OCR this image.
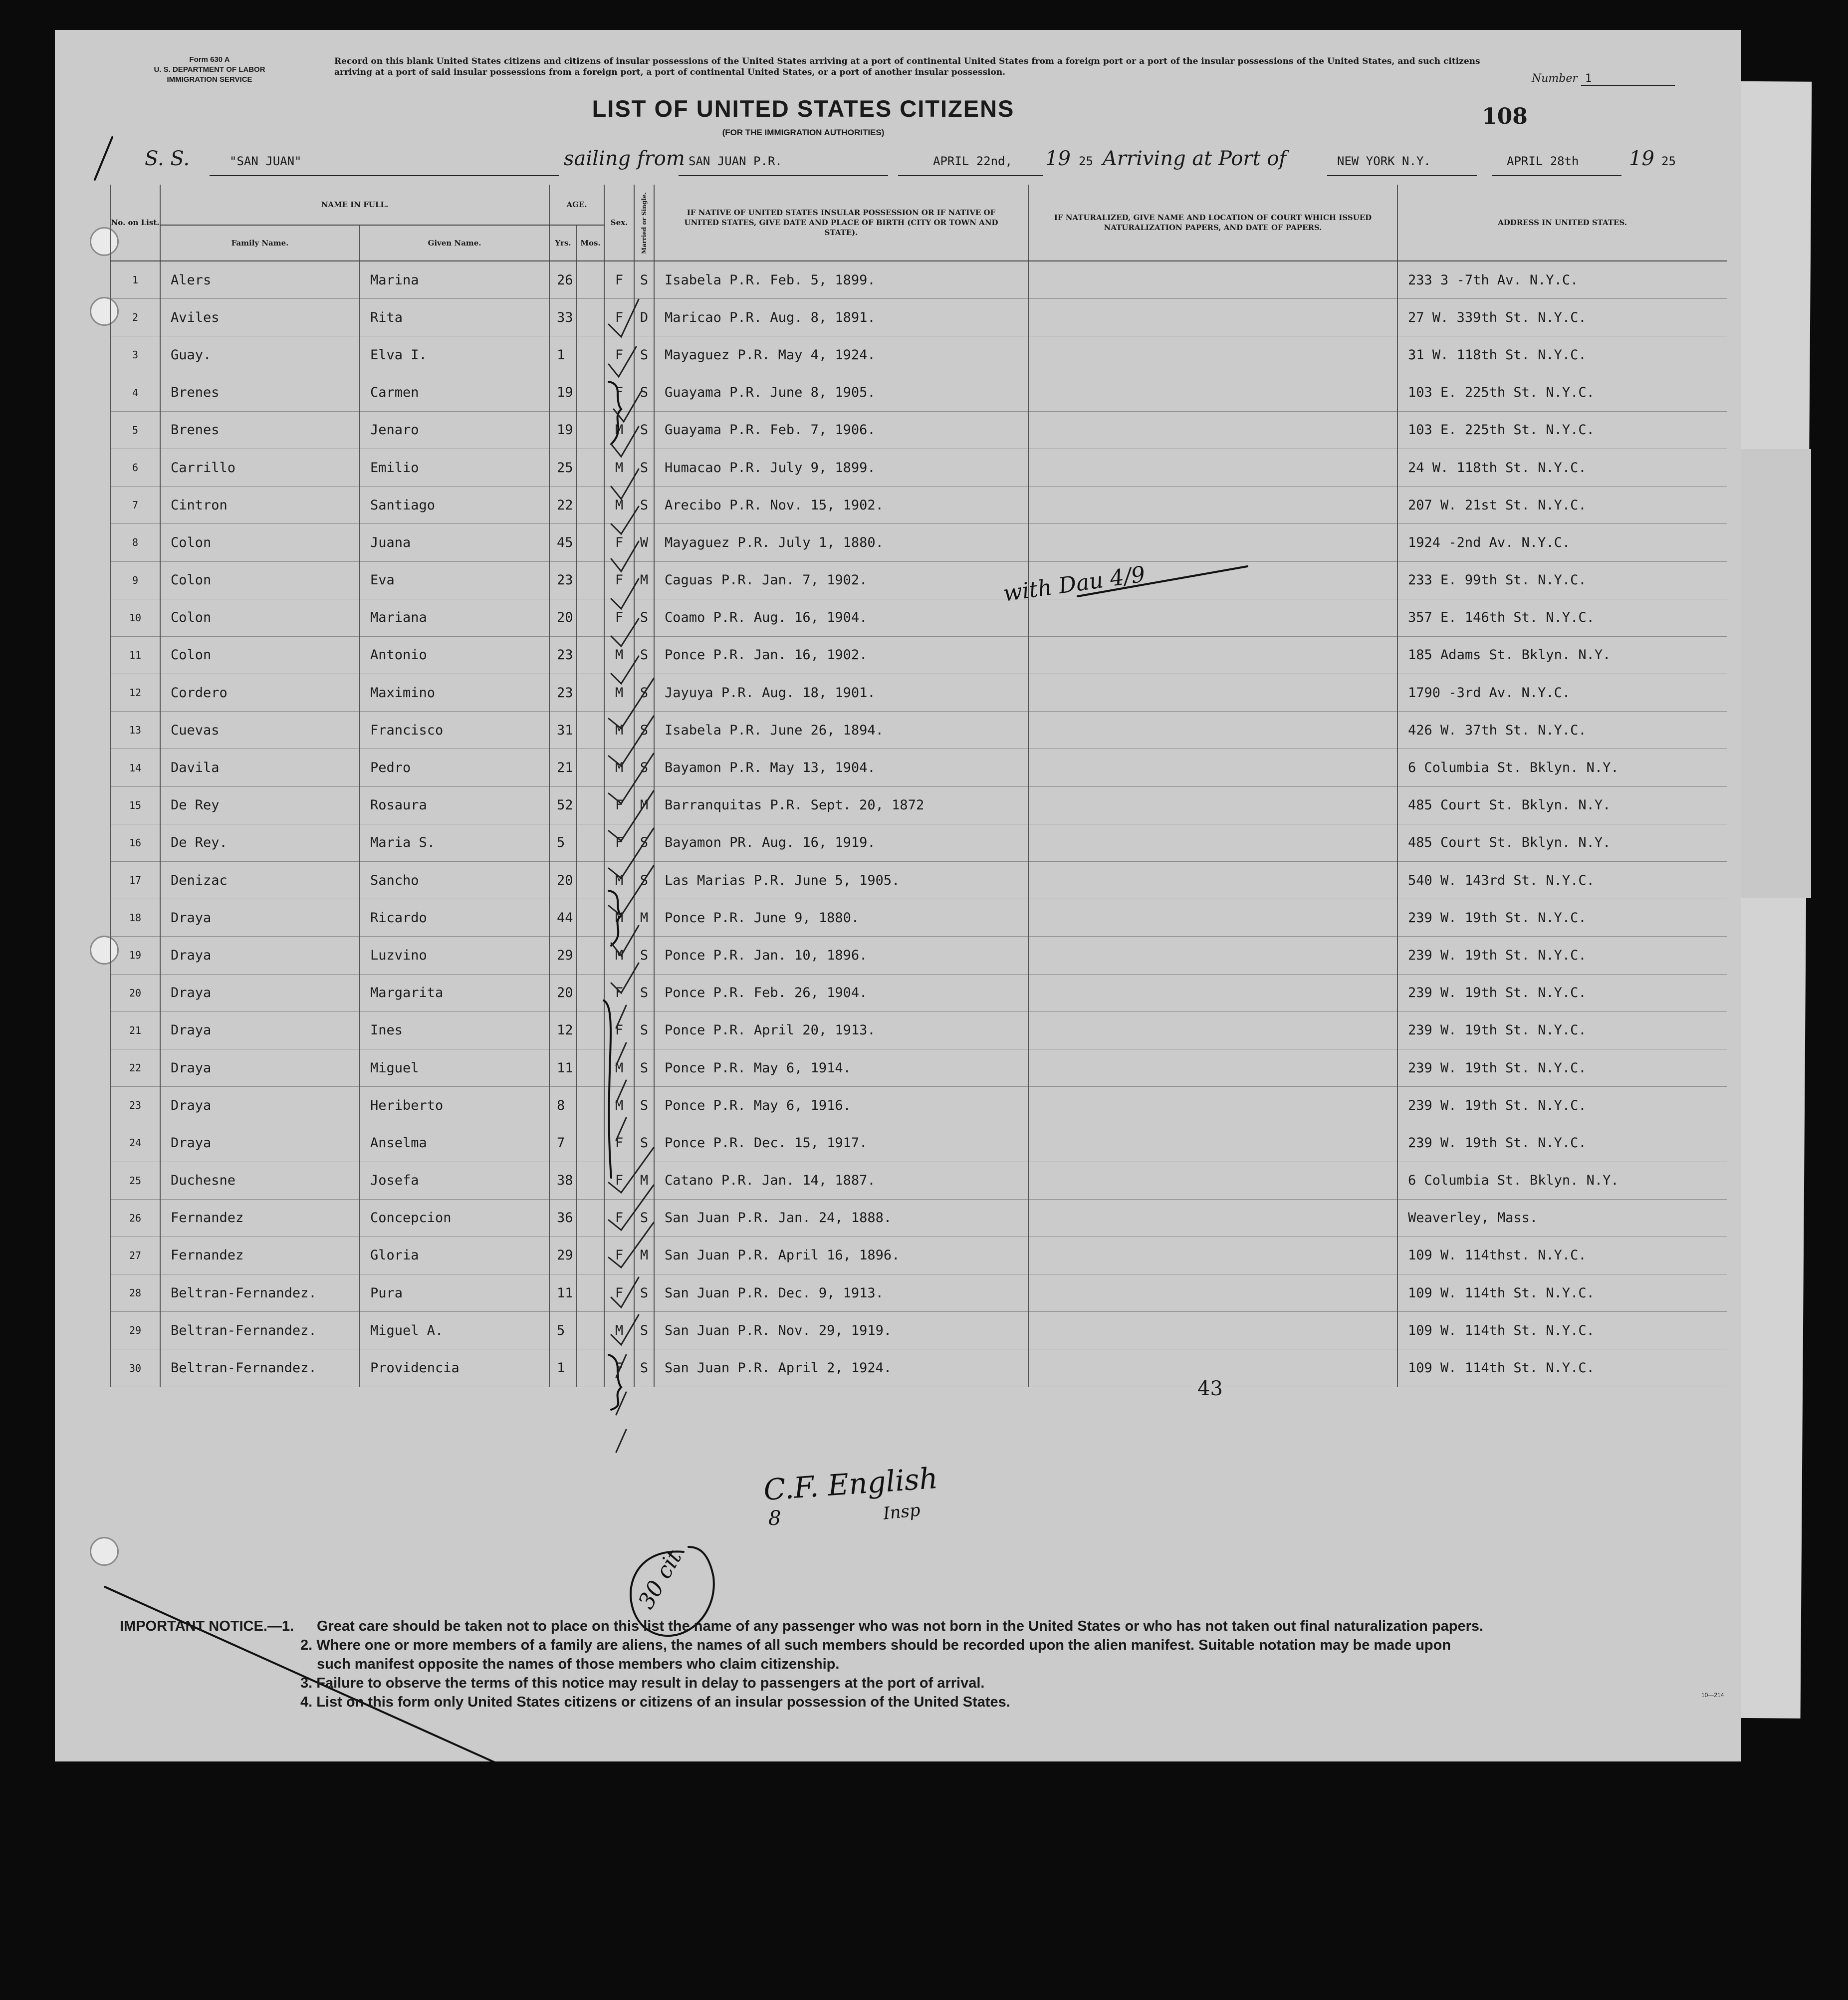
Form 630 A
U. S. DEPARTMENT OF LABOR
IMMIGRATION SERVICE
Record on this blank United States citizens and citizens of insular possessions of the United States arriving at a port of continental United States from a foreign port or a port of the insular possessions of the United States, and such citizens arriving at a port of said insular possessions from a foreign port, a port of continental United States, or a port of another insular possession.	Number 1
LIST OF UNITED STATES CITIZENS
(FOR THE IMMIGRATION AUTHORITIES)
108
S. S.	"SAN JUAN"	sailing from SAN JUAN P.R.	APRIL 22nd, 19 25 Arriving at Port of	NEW YORK N.Y.	APRIL 28th	19 25
No. on List.	NAME IN FULL.		AGE.		Sex.	Married or Single.	IF NATIVE OF UNITED STATES INSULAR POSSESSION OR IF NATIVE OF UNITED STATES, GIVE DATE AND PLACE OF BIRTH (CITY OR TOWN AND STATE).	IF NATURALIZED, GIVE NAME AND LOCATION OF COURT WHICH ISSUED NATURALIZATION PAPERS, AND DATE OF PAPERS.	ADDRESS IN UNITED STATES.
	Family Name.	Given Name.	Yrs.	Mos.					
1	Alers	Marina	26		F	S	Isabela P.R. Feb. 5, 1899.		233 3 -7th Av. N.Y.C.
2	Aviles	Rita	33		F	D	Maricao P.R. Aug. 8, 1891.		27 W. 339th St. N.Y.C.
3	Guay.	Elva I.	1		F	S	Mayaguez P.R. May 4, 1924.		31 W. 118th St. N.Y.C.
4	Brenes	Carmen	19		F	S	Guayama P.R. June 8, 1905.		103 E. 225th St. N.Y.C.
5	Brenes	Jenaro	19		M	S	Guayama P.R. Feb. 7, 1906.		103 E. 225th St. N.Y.C.
6	Carrillo	Emilio	25		M	S	Humacao P.R. July 9, 1899.		24 W. 118th St. N.Y.C.
7	Cintron	Santiago	22		M	S	Arecibo P.R. Nov. 15, 1902.		207 W. 21st St. N.Y.C.
8	Colon	Juana	45		F	W	Mayaguez P.R. July 1, 1880.		1924 -2nd Av. N.Y.C.
9	Colon	Eva	23		F	M	Caguas P.R. Jan. 7, 1902.		233 E. 99th St. N.Y.C.
10	Colon	Mariana	20		F	S	Coamo P.R. Aug. 16, 1904.		357 E. 146th St. N.Y.C.
11	Colon	Antonio	23		M	S	Ponce P.R. Jan. 16, 1902.		185 Adams St. Bklyn. N.Y.
12	Cordero	Maximino	23		M	S	Jayuya P.R. Aug. 18, 1901.		1790 -3rd Av. N.Y.C.
13	Cuevas	Francisco	31		M	S	Isabela P.R. June 26, 1894.		426 W. 37th St. N.Y.C.
14	Davila	Pedro	21		M	S	Bayamon P.R. May 13, 1904.		6 Columbia St. Bklyn. N.Y.
15	De Rey	Rosaura	52		F	M	Barranquitas P.R. Sept. 20, 1872		485 Court St. Bklyn. N.Y.
16	De Rey.	Maria S.	5		F	S	Bayamon PR. Aug. 16, 1919.		485 Court St. Bklyn. N.Y.
17	Denizac	Sancho	20		M	S	Las Marias P.R. June 5, 1905.		540 W. 143rd St. N.Y.C.
18	Draya	Ricardo	44		M	M	Ponce P.R. June 9, 1880.		239 W. 19th St. N.Y.C.
19	Draya	Luzvino	29		M	S	Ponce P.R. Jan. 10, 1896.		239 W. 19th St. N.Y.C.
20	Draya	Margarita	20		F	S	Ponce P.R. Feb. 26, 1904.		239 W. 19th St. N.Y.C.
21	Draya	Ines	12		F	S	Ponce P.R. April 20, 1913.		239 W. 19th St. N.Y.C.
22	Draya	Miguel	11		M	S	Ponce P.R. May 6, 1914.		239 W. 19th St. N.Y.C.
23	Draya	Heriberto	8		M	S	Ponce P.R. May 6, 1916.		239 W. 19th St. N.Y.C.
24	Draya	Anselma	7		F	S	Ponce P.R. Dec. 15, 1917.		239 W. 19th St. N.Y.C.
25	Duchesne	Josefa	38		F	M	Catano P.R. Jan. 14, 1887.		6 Columbia St. Bklyn. N.Y.
26	Fernandez	Concepcion	36		F	S	San Juan P.R. Jan. 24, 1888.		Weaverley, Mass.
27	Fernandez	Gloria	29		F	M	San Juan P.R. April 16, 1896.		109 W. 114thst. N.Y.C.
28	Beltran-Fernandez.	Pura	11		F	S	San Juan P.R. Dec. 9, 1913.		109 W. 114th St. N.Y.C.
29	Beltran-Fernandez.	Miguel A.	5		M	S	San Juan P.R. Nov. 29, 1919.		109 W. 114th St. N.Y.C.
30	Beltran-Fernandez.	Providencia	1		F	S	San Juan P.R. April 2, 1924.		109 W. 114th St. N.Y.C.
with Dau 4/9
30 cit
C.F. English
Insp
8
43
IMPORTANT NOTICE.—1. Great care should be taken not to place on this list the name of any passenger who was not born in the United States or who has not taken out final naturalization papers.
2. Where one or more members of a family are aliens, the names of all such members should be recorded upon the alien manifest. Suitable notation may be made upon
such manifest opposite the names of those members who claim citizenship.
3. Failure to observe the terms of this notice may result in delay to passengers at the port of arrival.
4. List on this form only United States citizens or citizens of an insular possession of the United States.	10—214
